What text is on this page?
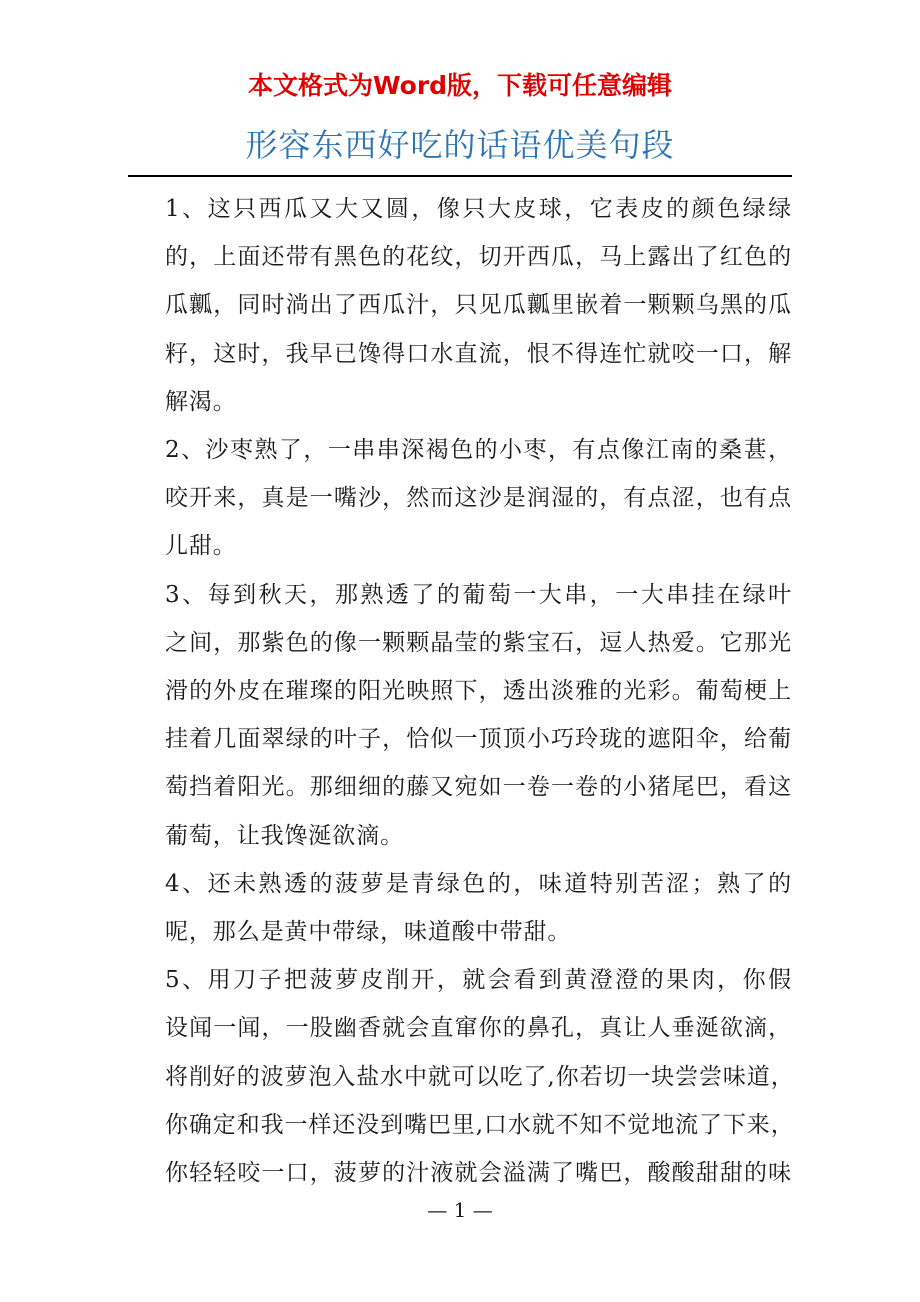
本文格式为Word版，下载可任意编辑
形容东西好吃的话语优美句段

1、这只西瓜又大又圆，像只大皮球，它表皮的颜色绿绿
的，上面还带有黑色的花纹，切开西瓜，马上露出了红色的
瓜瓤，同时淌出了西瓜汁，只见瓜瓤里嵌着一颗颗乌黑的瓜
籽，这时，我早已馋得口水直流，恨不得连忙就咬一口，解
解渴。

2、沙枣熟了，一串串深褐色的小枣，有点像江南的桑葚，
咬开来，真是一嘴沙，然而这沙是润湿的，有点涩，也有点
儿甜。

3、每到秋天，那熟透了的葡萄一大串，一大串挂在绿叶
之间，那紫色的像一颗颗晶莹的紫宝石，逗人热爱。它那光
滑的外皮在璀璨的阳光映照下，透出淡雅的光彩。葡萄梗上
挂着几面翠绿的叶子，恰似一顶顶小巧玲珑的遮阳伞，给葡
萄挡着阳光。那细细的藤又宛如一卷一卷的小猪尾巴，看这
葡萄，让我馋涎欲滴。

4、还未熟透的菠萝是青绿色的，味道特别苦涩；熟了的
呢，那么是黄中带绿，味道酸中带甜。

5、用刀子把菠萝皮削开，就会看到黄澄澄的果肉，你假
设闻一闻，一股幽香就会直窜你的鼻孔，真让人垂涎欲滴，
将削好的波萝泡入盐水中就可以吃了,你若切一块尝尝味道，
你确定和我一样还没到嘴巴里,口水就不知不觉地流了下来，
你轻轻咬一口，菠萝的汁液就会溢满了嘴巴，酸酸甜甜的味

— 1 —
